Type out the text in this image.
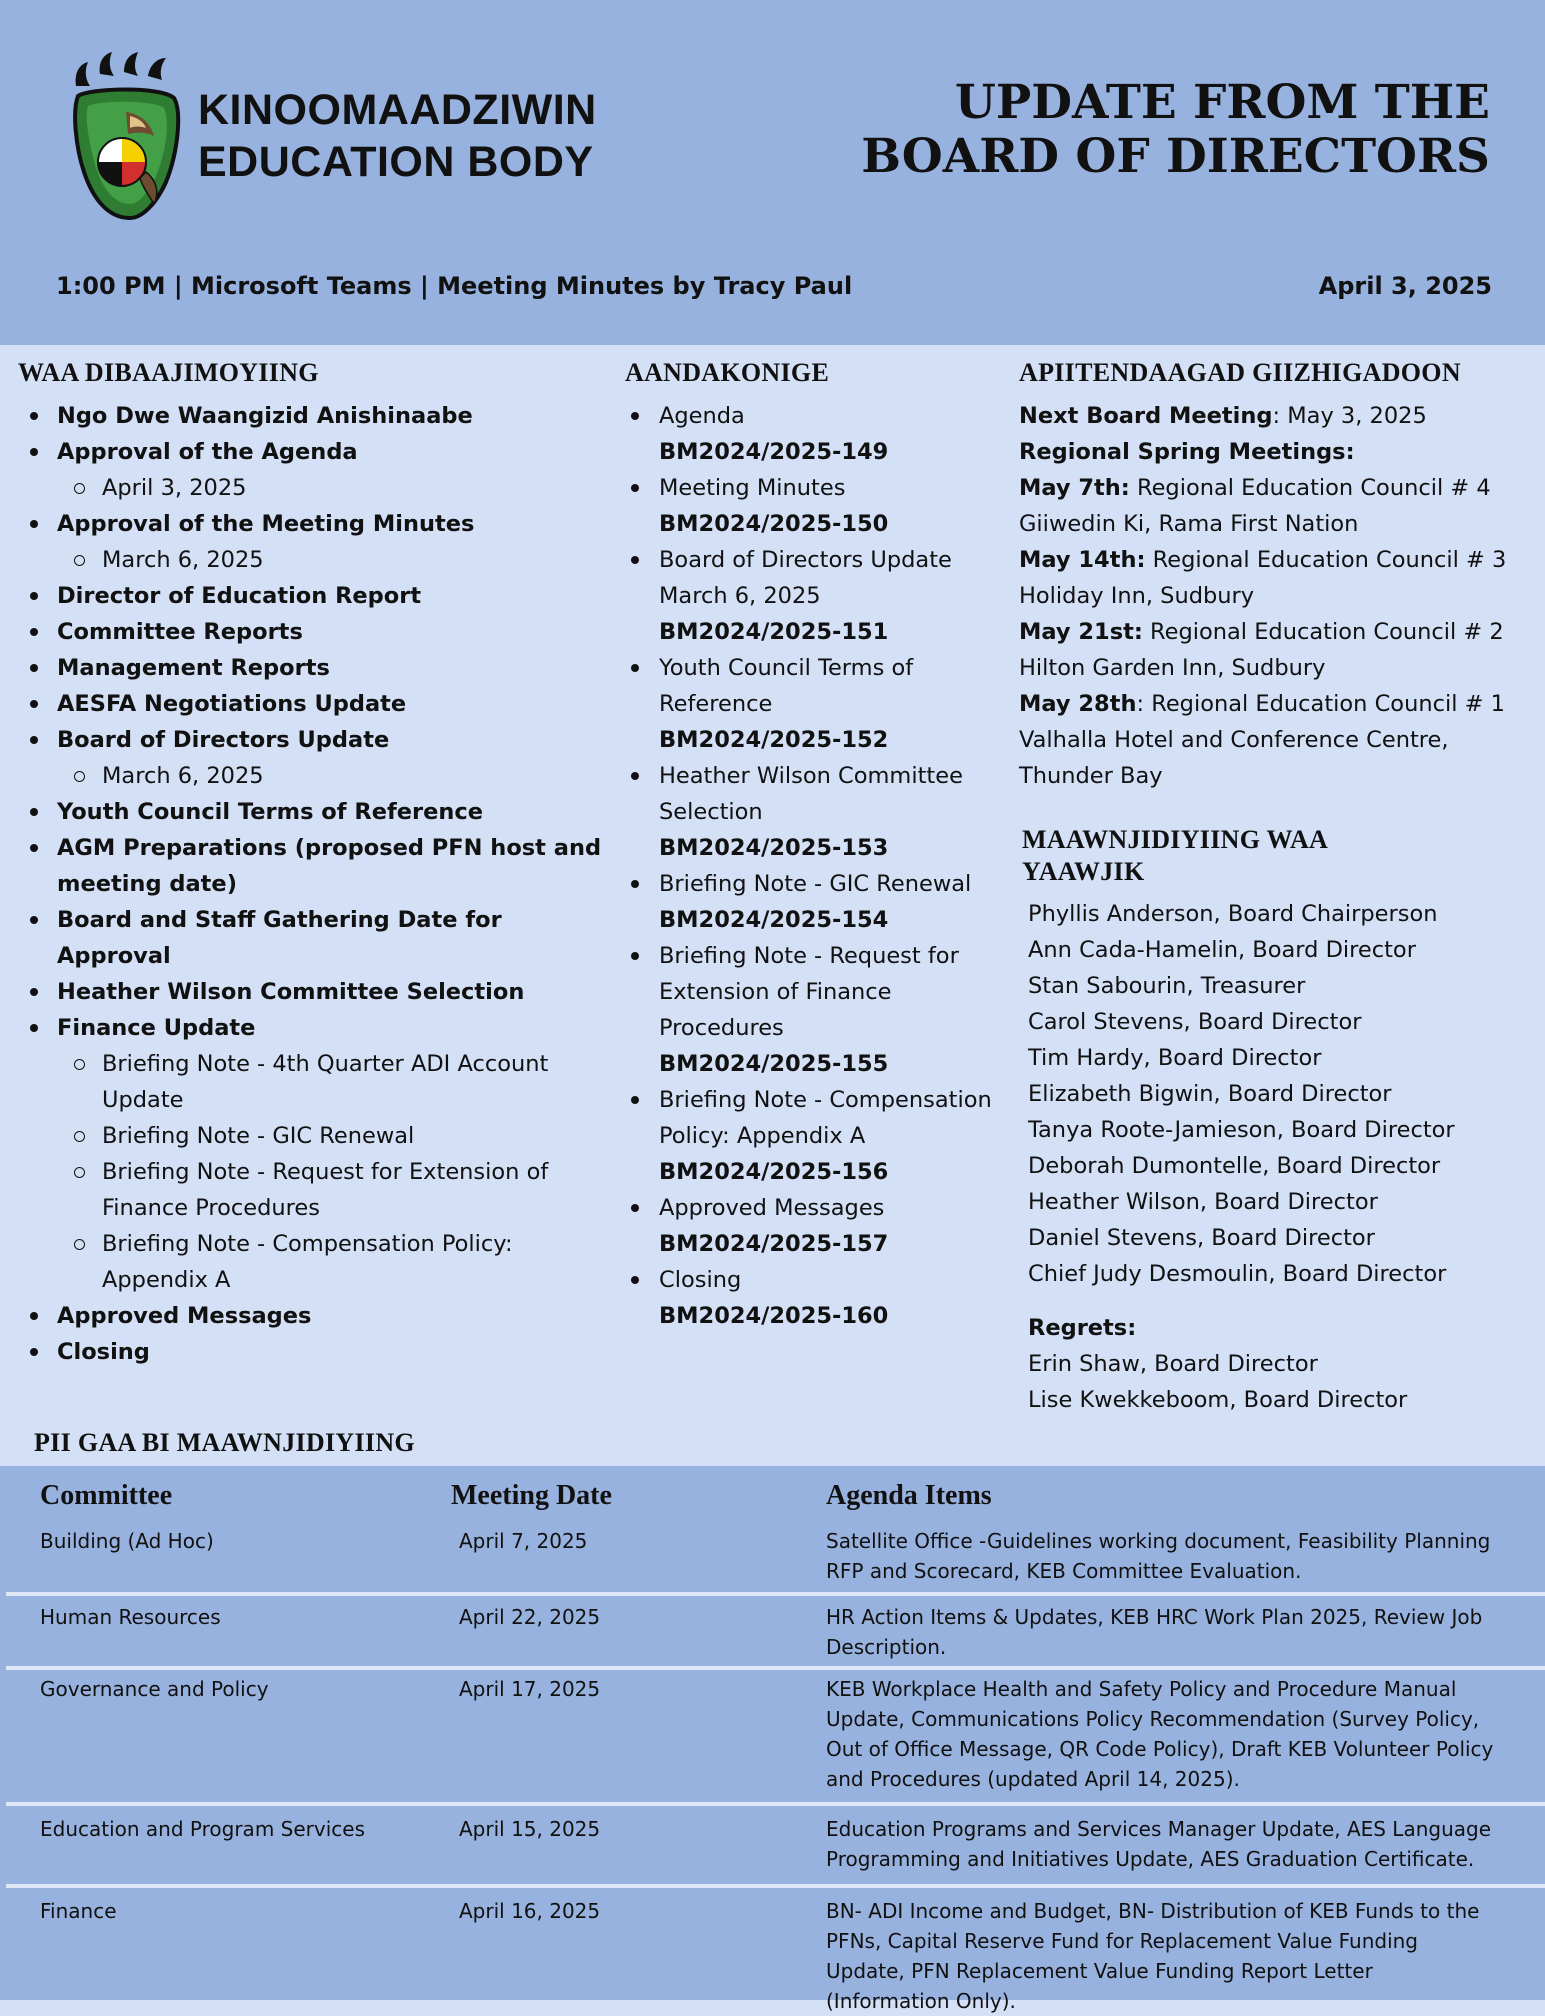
KINOOMAADZIWIN
EDUCATION BODY
UPDATE FROM THE
BOARD OF DIRECTORS
1:00 PM | Microsoft Teams | Meeting Minutes by Tracy Paul	April 3, 2025
WAA DIBAAJIMOYIING
Ngo Dwe Waangizid Anishinaabe
Approval of the Agenda
April 3, 2025
Approval of the Meeting Minutes
March 6, 2025
Director of Education Report
Committee Reports
Management Reports
AESFA Negotiations Update
Board of Directors Update
March 6, 2025
Youth Council Terms of Reference
AGM Preparations (proposed PFN host and meeting date)
Board and Staff Gathering Date for Approval
Heather Wilson Committee Selection
Finance Update
Briefing Note - 4th Quarter ADI Account Update
Briefing Note - GIC Renewal
Briefing Note - Request for Extension of Finance Procedures
Briefing Note - Compensation Policy: Appendix A
Approved Messages
Closing
AANDAKONIGE
Agenda
BM2024/2025-149
Meeting Minutes
BM2024/2025-150
Board of Directors Update March 6, 2025
BM2024/2025-151
Youth Council Terms of Reference
BM2024/2025-152
Heather Wilson Committee Selection
BM2024/2025-153
Briefing Note - GIC Renewal
BM2024/2025-154
Briefing Note - Request for Extension of Finance Procedures
BM2024/2025-155
Briefing Note - Compensation Policy: Appendix A
BM2024/2025-156
Approved Messages
BM2024/2025-157
Closing
BM2024/2025-160
APIITENDAAGAD GIIZHIGADOON
Next Board Meeting: May 3, 2025
Regional Spring Meetings:
May 7th: Regional Education Council # 4
Giiwedin Ki, Rama First Nation
May 14th: Regional Education Council # 3
Holiday Inn, Sudbury
May 21st: Regional Education Council # 2
Hilton Garden Inn, Sudbury
May 28th: Regional Education Council # 1
Valhalla Hotel and Conference Centre, Thunder Bay
MAAWNJIDIYIING WAA
YAAWJIK
Phyllis Anderson, Board Chairperson
Ann Cada-Hamelin, Board Director
Stan Sabourin, Treasurer
Carol Stevens, Board Director
Tim Hardy, Board Director
Elizabeth Bigwin, Board Director
Tanya Roote-Jamieson, Board Director
Deborah Dumontelle, Board Director
Heather Wilson, Board Director
Daniel Stevens, Board Director
Chief Judy Desmoulin, Board Director
Regrets:
Erin Shaw, Board Director
Lise Kwekkeboom, Board Director
PII GAA BI MAAWNJIDIYIING
Committee	Meeting Date	Agenda Items
Building (Ad Hoc)	April 7, 2025	Satellite Office -Guidelines working document, Feasibility Planning RFP and Scorecard, KEB Committee Evaluation.
Human Resources	April 22, 2025	HR Action Items & Updates, KEB HRC Work Plan 2025, Review Job Description.
Governance and Policy	April 17, 2025	KEB Workplace Health and Safety Policy and Procedure Manual Update, Communications Policy Recommendation (Survey Policy, Out of Office Message, QR Code Policy), Draft KEB Volunteer Policy and Procedures (updated April 14, 2025).
Education and Program Services	April 15, 2025	Education Programs and Services Manager Update, AES Language Programming and Initiatives Update, AES Graduation Certificate.
Finance	April 16, 2025	BN- ADI Income and Budget, BN- Distribution of KEB Funds to the PFNs, Capital Reserve Fund for Replacement Value Funding Update, PFN Replacement Value Funding Report Letter (Information Only).
